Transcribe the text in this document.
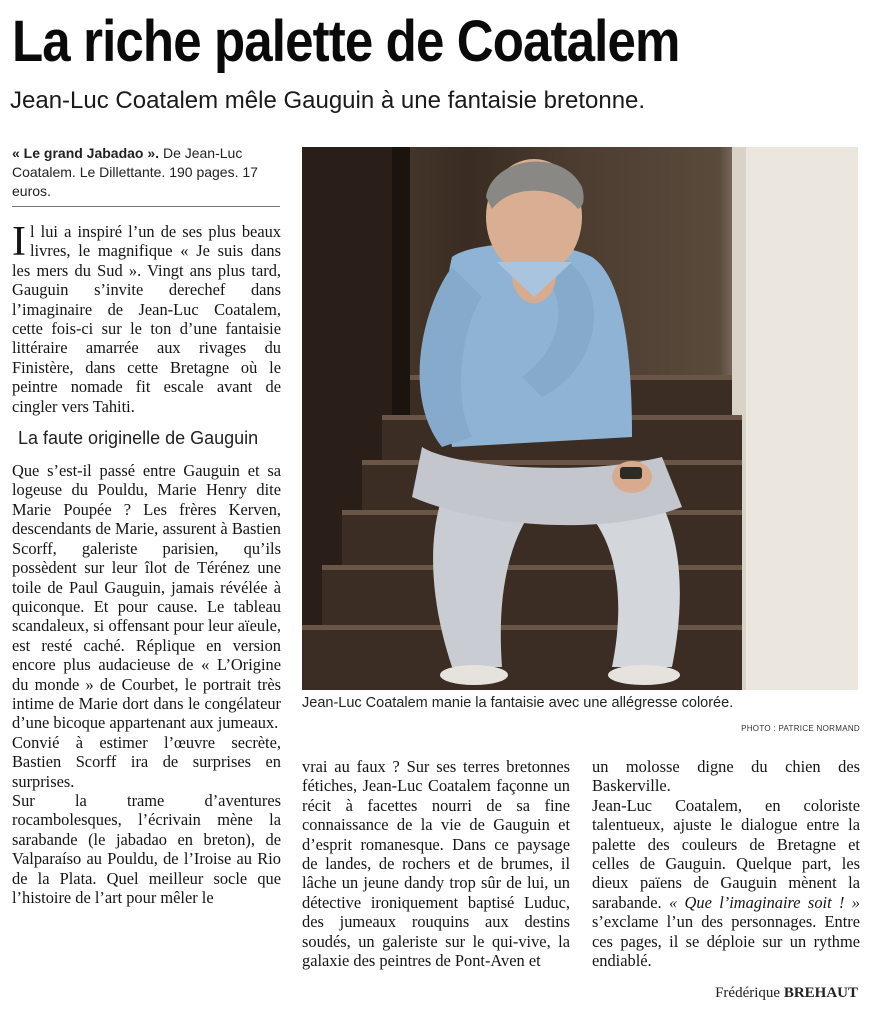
La riche palette de Coatalem
Jean-Luc Coatalem mêle Gauguin à une fantaisie bretonne.
« Le grand Jabadao ». De Jean-Luc Coatalem. Le Dillettante. 190 pages. 17 euros.

Il lui a inspiré l’un de ses plus beaux livres, le magnifique « Je suis dans les mers du Sud ». Vingt ans plus tard, Gauguin s’invite derechef dans l’imaginaire de Jean-Luc Coatalem, cette fois-ci sur le ton d’une fantaisie littéraire amarrée aux rivages du Finistère, dans cette Bretagne où le peintre nomade fit escale avant de cingler vers Tahiti.

La faute originelle de Gauguin

Que s’est-il passé entre Gauguin et sa logeuse du Pouldu, Marie Henry dite Marie Poupée ? Les frères Kerven, descendants de Marie, assurent à Bastien Scorff, galeriste parisien, qu’ils possèdent sur leur îlot de Térénez une toile de Paul Gauguin, jamais révélée à quiconque. Et pour cause. Le tableau scandaleux, si offensant pour leur aïeule, est resté caché. Réplique en version encore plus audacieuse de « L’Origine du monde » de Courbet, le portrait très intime de Marie dort dans le congélateur d’une bicoque appartenant aux jumeaux.

Convié à estimer l’œuvre secrète, Bastien Scorff ira de surprises en surprises.

Sur la trame d’aventures rocambolesques, l’écrivain mène la sarabande (le jabadao en breton), de Valparaíso au Pouldu, de l’Iroise au Rio de la Plata. Quel meilleur socle que l’histoire de l’art pour mêler le

Jean-Luc Coatalem manie la fantaisie avec une allégresse colorée.
PHOTO : PATRICE NORMAND

vrai au faux ? Sur ses terres bretonnes fétiches, Jean-Luc Coatalem façonne un récit à facettes nourri de sa fine connaissance de la vie de Gauguin et d’esprit romanesque. Dans ce paysage de landes, de rochers et de brumes, il lâche un jeune dandy trop sûr de lui, un détective ironiquement baptisé Luduc, des jumeaux rouquins aux destins soudés, un galeriste sur le qui-vive, la galaxie des peintres de Pont-Aven et

un molosse digne du chien des Baskerville.

Jean-Luc Coatalem, en coloriste talentueux, ajuste le dialogue entre la palette des couleurs de Bretagne et celles de Gauguin. Quelque part, les dieux païens de Gauguin mènent la sarabande. « Que l’imaginaire soit ! » s’exclame l’un des personnages. Entre ces pages, il se déploie sur un rythme endiablé.

Frédérique BREHAUT
